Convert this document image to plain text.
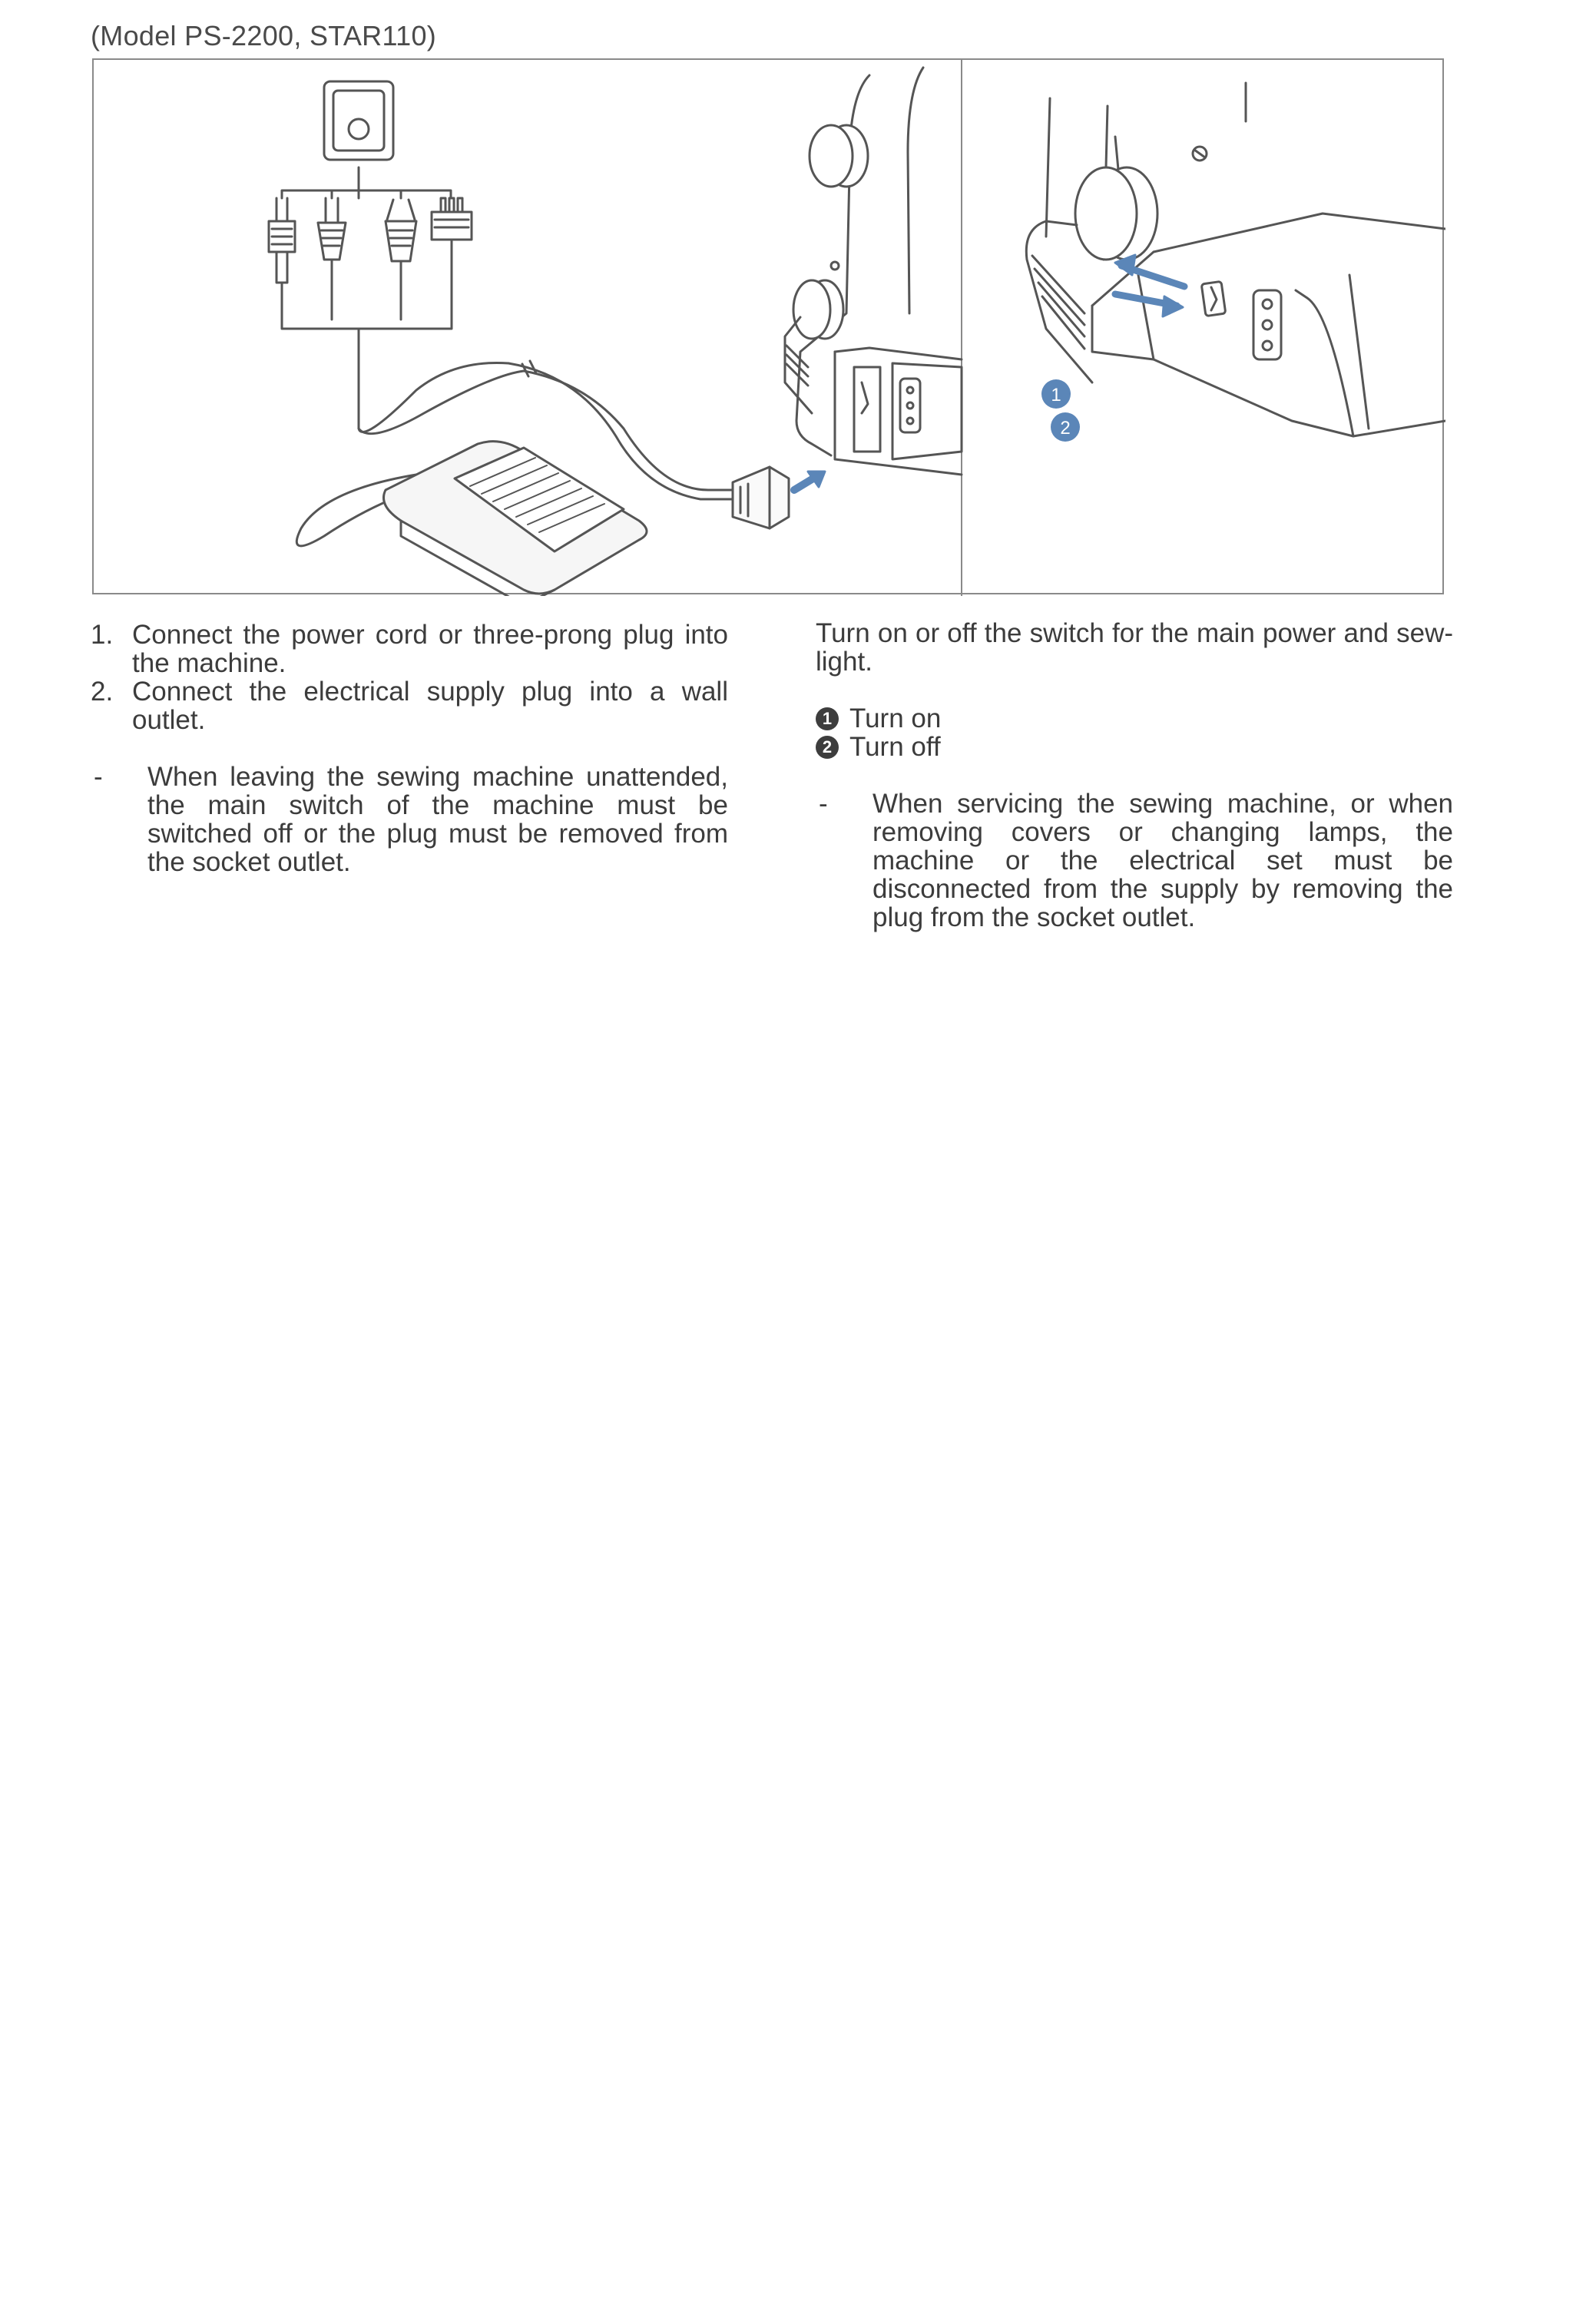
(Model PS-2200, STAR110)
1
2
1. Connect the power cord or three-prong plug into the machine.
2. Connect the electrical supply plug into a wall outlet.
-	When leaving the sewing machine unattended, the main switch of the machine must be switched off or the plug must be removed from the socket outlet.
Turn on or off the switch for the main power and sew-light.
1 Turn on
2 Turn off
-	When servicing the sewing machine, or when removing covers or changing lamps, the machine or the electrical set must be disconnected from the supply by removing the plug from the socket outlet.
